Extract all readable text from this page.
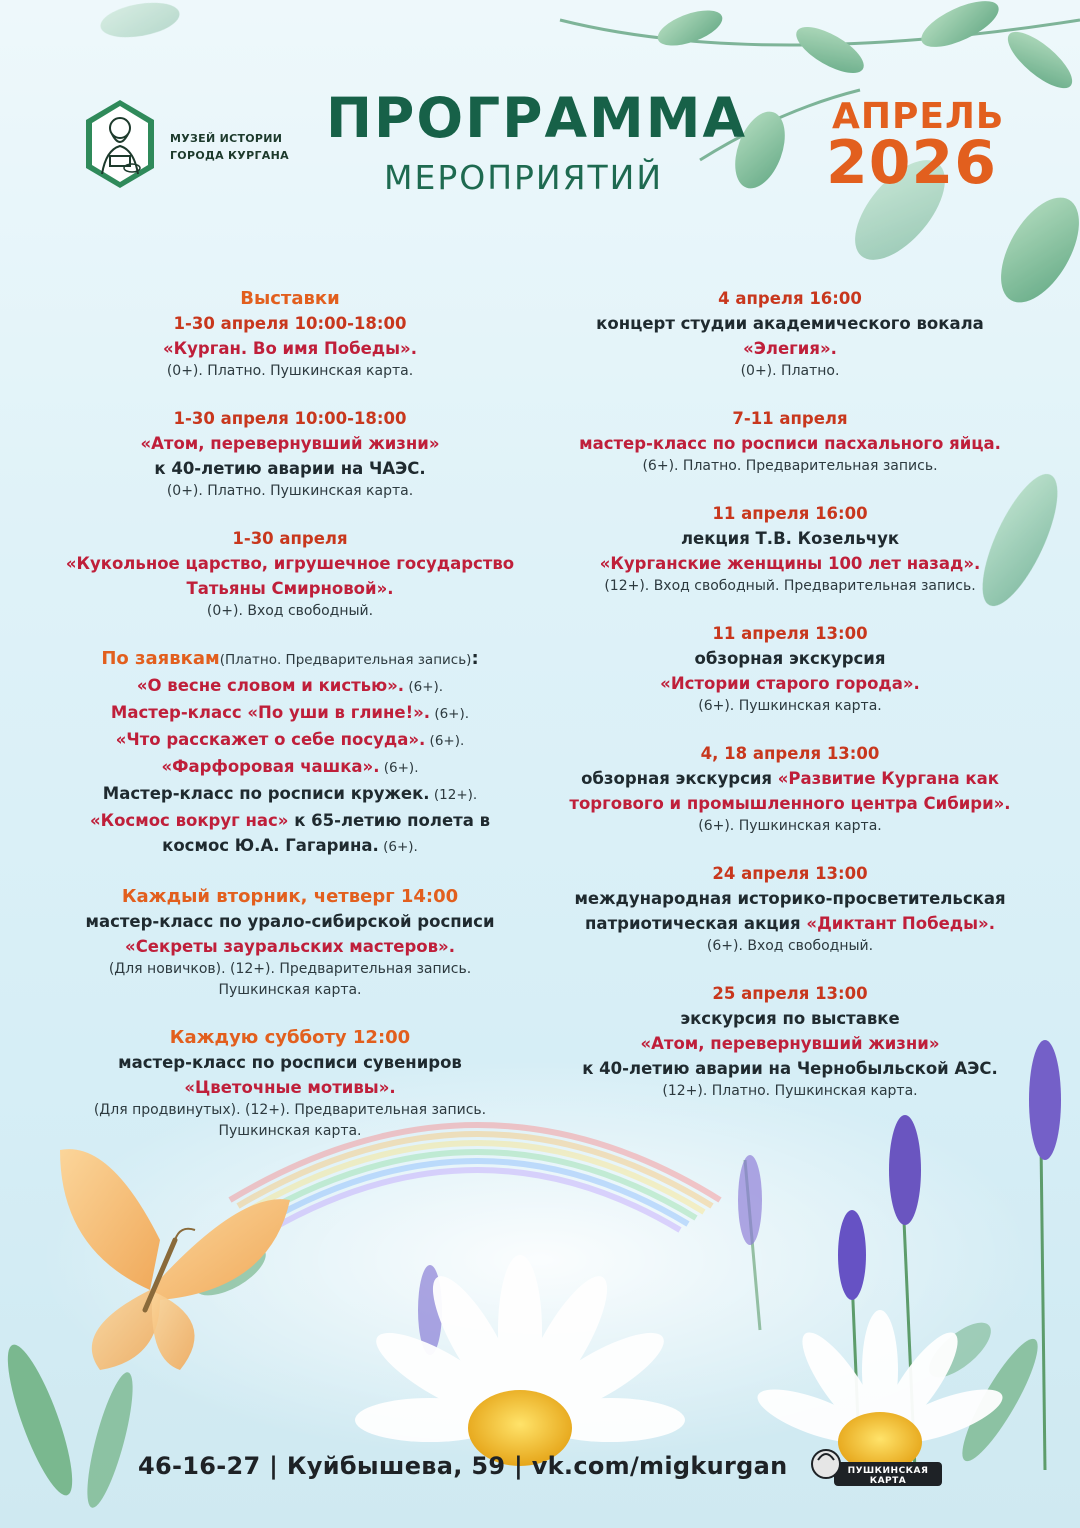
МУЗЕЙ ИСТОРИИ
ГОРОДА КУРГАНА
ПРОГРАММА
МЕРОПРИЯТИЙ
АПРЕЛЬ
2026
Выставки
1-30 апреля 10:00-18:00
«Курган. Во имя Победы».
(0+). Платно. Пушкинская карта.
1-30 апреля 10:00-18:00
«Атом, перевернувший жизни»
к 40-летию аварии на ЧАЭС.
(0+). Платно. Пушкинская карта.
1-30 апреля
«Кукольное царство, игрушечное государство
Татьяны Смирновой».
(0+). Вход свободный.
По заявкам(Платно. Предварительная запись):
«О весне словом и кистью». (6+).
Мастер-класс «По уши в глине!». (6+).
«Что расскажет о себе посуда». (6+).
«Фарфоровая чашка». (6+).
Мастер-класс по росписи кружек. (12+).
«Космос вокруг нас» к 65-летию полета в
космос Ю.А. Гагарина. (6+).
Каждый вторник, четверг 14:00
мастер-класс по урало-сибирской росписи
«Секреты зауральских мастеров».
(Для новичков). (12+). Предварительная запись.
Пушкинская карта.
Каждую субботу 12:00
мастер-класс по росписи сувениров
«Цветочные мотивы».
(Для продвинутых). (12+). Предварительная запись.
Пушкинская карта.
4 апреля 16:00
концерт студии академического вокала
«Элегия».
(0+). Платно.
7-11 апреля
мастер-класс по росписи пасхального яйца.
(6+). Платно. Предварительная запись.
11 апреля 16:00
лекция Т.В. Козельчук
«Курганские женщины 100 лет назад».
(12+). Вход свободный. Предварительная запись.
11 апреля 13:00
обзорная экскурсия
«Истории старого города».
(6+). Пушкинская карта.
4, 18 апреля 13:00
обзорная экскурсия «Развитие Кургана как
торгового и промышленного центра Сибири».
(6+). Пушкинская карта.
24 апреля 13:00
международная историко-просветительская
патриотическая акция «Диктант Победы».
(6+). Вход свободный.
25 апреля 13:00
экскурсия по выставке
«Атом, перевернувший жизни»
к 40-летию аварии на Чернобыльской АЭС.
(12+). Платно. Пушкинская карта.
46-16-27 | Куйбышева, 59 | vk.com/migkurgan	ПУШКИНСКАЯ
КАРТА
